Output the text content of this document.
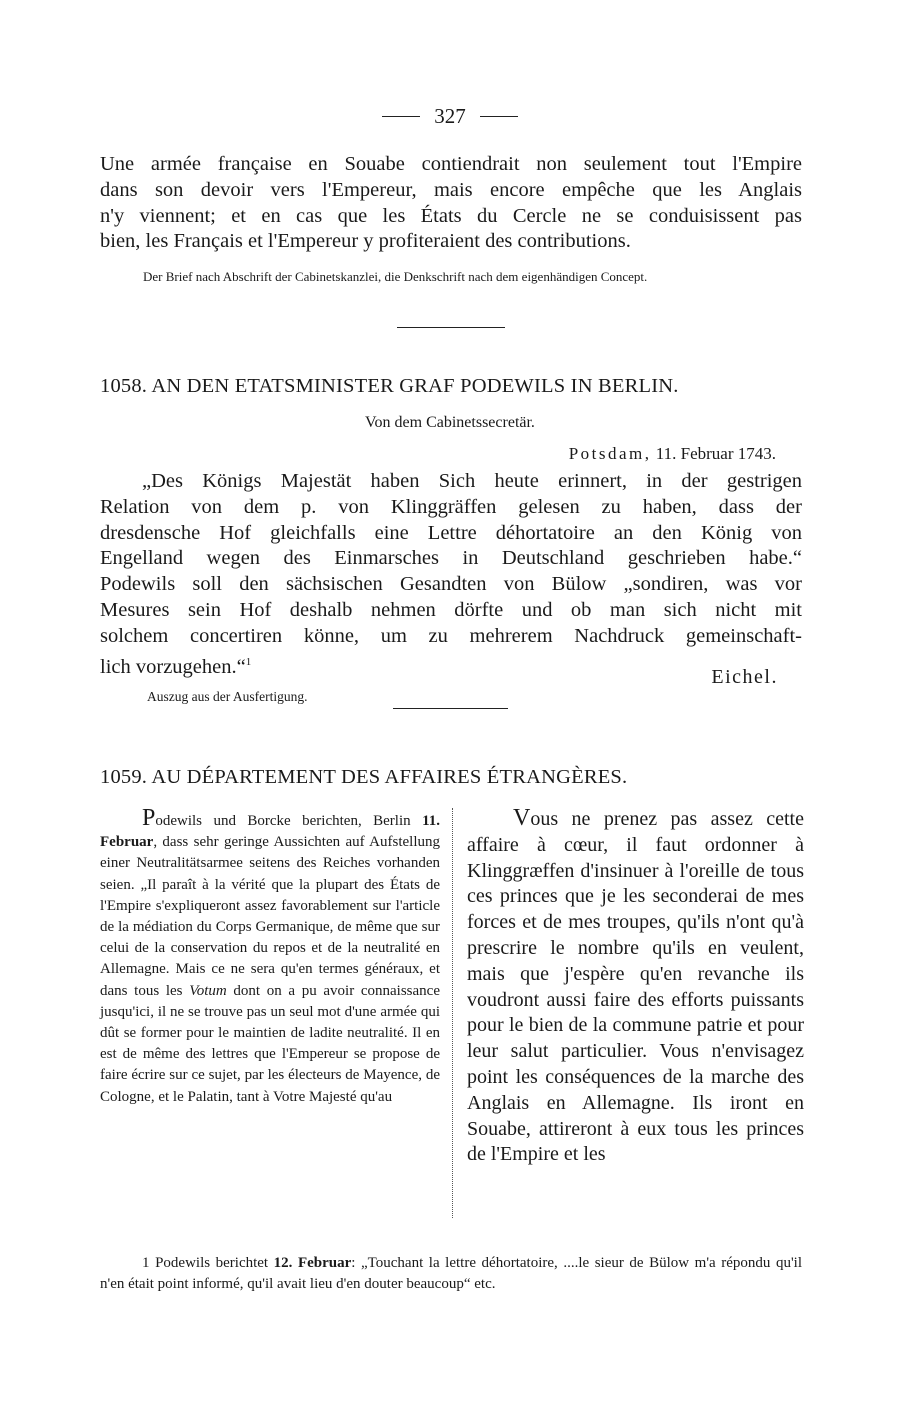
327
Une armée française en Souabe contiendrait non seulement tout l'Empire
dans son devoir vers l'Empereur, mais encore empêche que les Anglais
n'y viennent; et en cas que les États du Cercle ne se conduisissent pas
bien, les Français et l'Empereur y profiteraient des contributions.
Der Brief nach Abschrift der Cabinetskanzlei, die Denkschrift nach dem eigenhändigen Concept.
1058. AN DEN ETATSMINISTER GRAF PODEWILS IN BERLIN.
Von dem Cabinetssecretär.
Potsdam, 11. Februar 1743.
„Des Königs Majestät haben Sich heute erinnert, in der gestrigen
Relation von dem p. von Klinggräffen gelesen zu haben, dass der
dresdensche Hof gleichfalls eine Lettre déhortatoire an den König von
Engelland wegen des Einmarsches in Deutschland geschrieben habe.“
Podewils soll den sächsischen Gesandten von Bülow „sondiren, was vor
Mesures sein Hof deshalb nehmen dörfte und ob man sich nicht mit
solchem concertiren könne, um zu mehrerem Nachdruck gemeinschaft-
lich vorzugehen.“$^1$
Eichel.
Auszug aus der Ausfertigung.
1059. AU DÉPARTEMENT DES AFFAIRES ÉTRANGÈRES.
Podewils und Borcke berichten, Berlin 11. Februar, dass sehr geringe Aussichten auf Aufstellung einer Neutralitätsarmee seitens des Reiches vorhanden seien. „Il paraît à la vérité que la plupart des États de l'Empire s'expliqueront assez favorablement sur l'article de la médiation du Corps Germanique, de même que sur celui de la conservation du repos et de la neutralité en Allemagne. Mais ce ne sera qu'en termes généraux, et dans tous les Votum dont on a pu avoir connaissance jusqu'ici, il ne se trouve pas un seul mot d'une armée qui dût se former pour le maintien de ladite neutralité. Il en est de même des lettres que l'Empereur se propose de faire écrire sur ce sujet, par les électeurs de Mayence, de Cologne, et le Palatin, tant à Votre Majesté qu'au
Vous ne prenez pas assez cette affaire à cœur, il faut ordonner à Klinggræffen d'insinuer à l'oreille de tous ces princes que je les seconderai de mes forces et de mes troupes, qu'ils n'ont qu'à prescrire le nombre qu'ils en veulent, mais que j'espère qu'en revanche ils voudront aussi faire des efforts puissants pour le bien de la commune patrie et pour leur salut particulier. Vous n'envisagez point les conséquences de la marche des Anglais en Allemagne. Ils iront en Souabe, attireront à eux tous les princes de l'Empire et les
1 Podewils berichtet 12. Februar: „Touchant la lettre déhortatoire, ....le sieur de Bülow m'a répondu qu'il n'en était point informé, qu'il avait lieu d'en douter beaucoup“ etc.
